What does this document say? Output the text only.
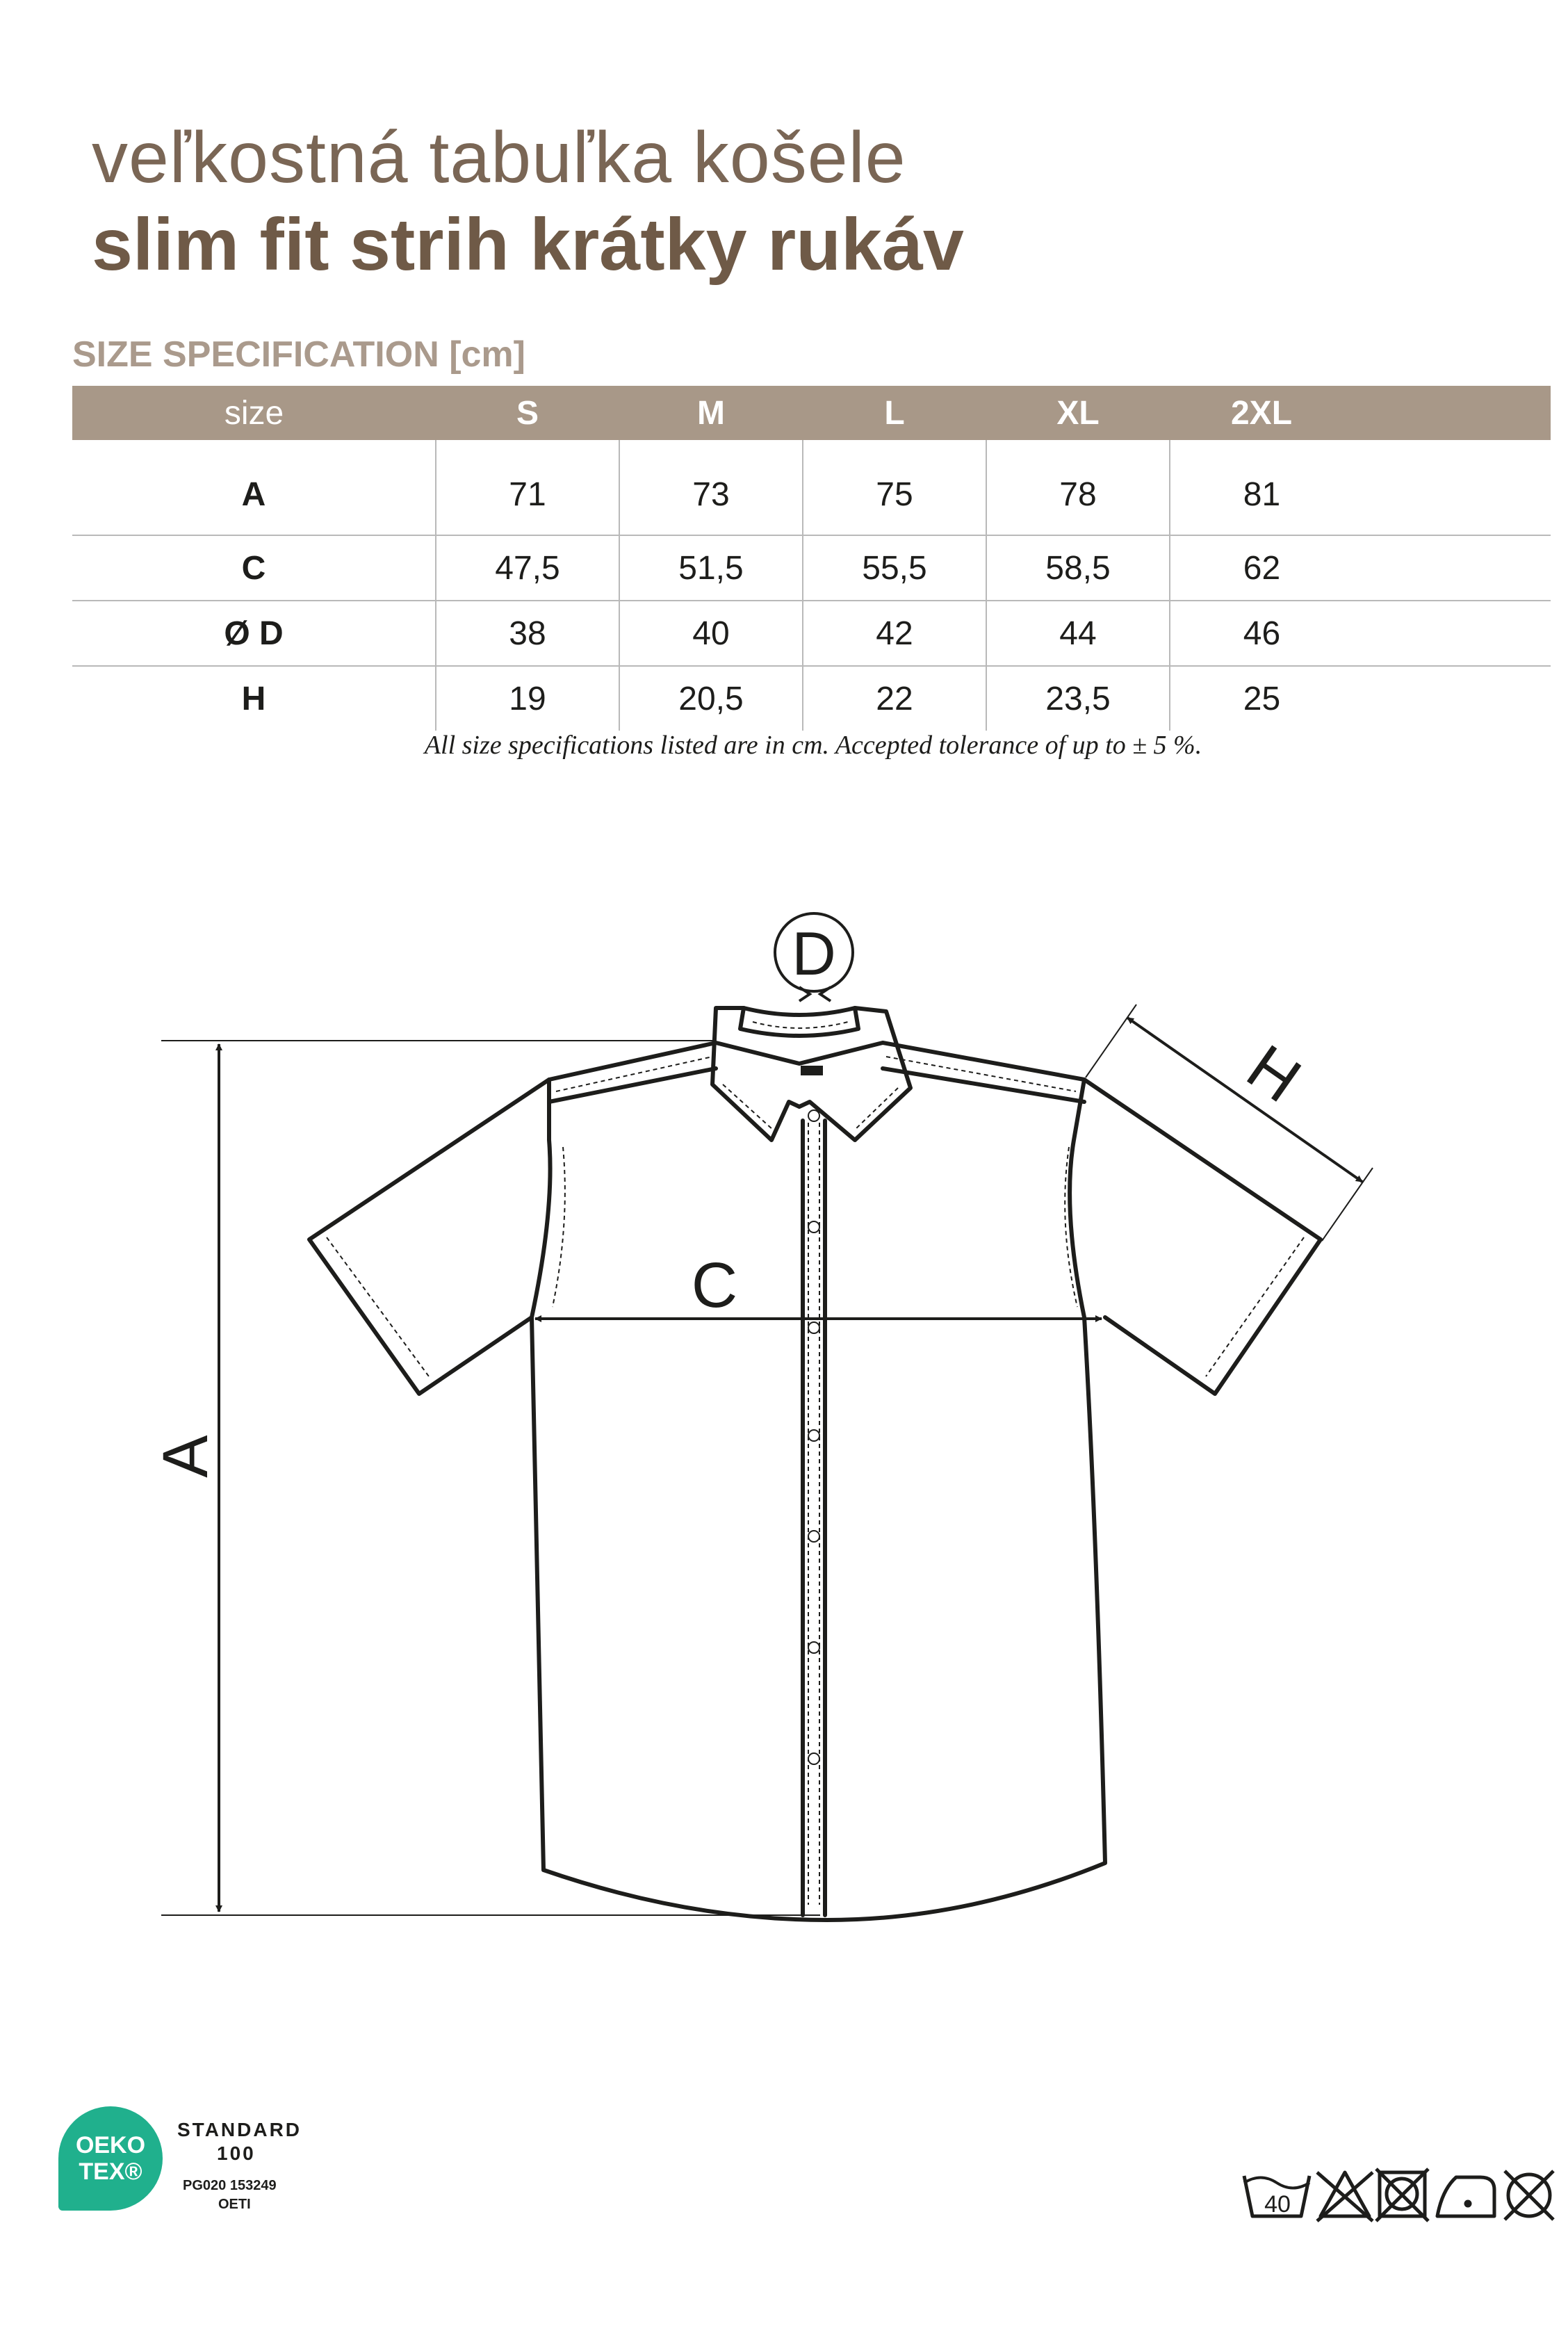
veľkostná tabuľka košele
slim fit strih krátky rukáv
SIZE SPECIFICATION [cm]
size	S	M	L	XL	2XL	
A	71	73	75	78	81	
C	47,5	51,5	55,5	58,5	62	
Ø D	38	40	42	44	46	
H	19	20,5	22	23,5	25	
All size specifications listed are in cm. Accepted tolerance of up to ± 5 %.
A
C
D
H
40
OEKO
TEX®
STANDARD
100
PG020 153249
OETI
